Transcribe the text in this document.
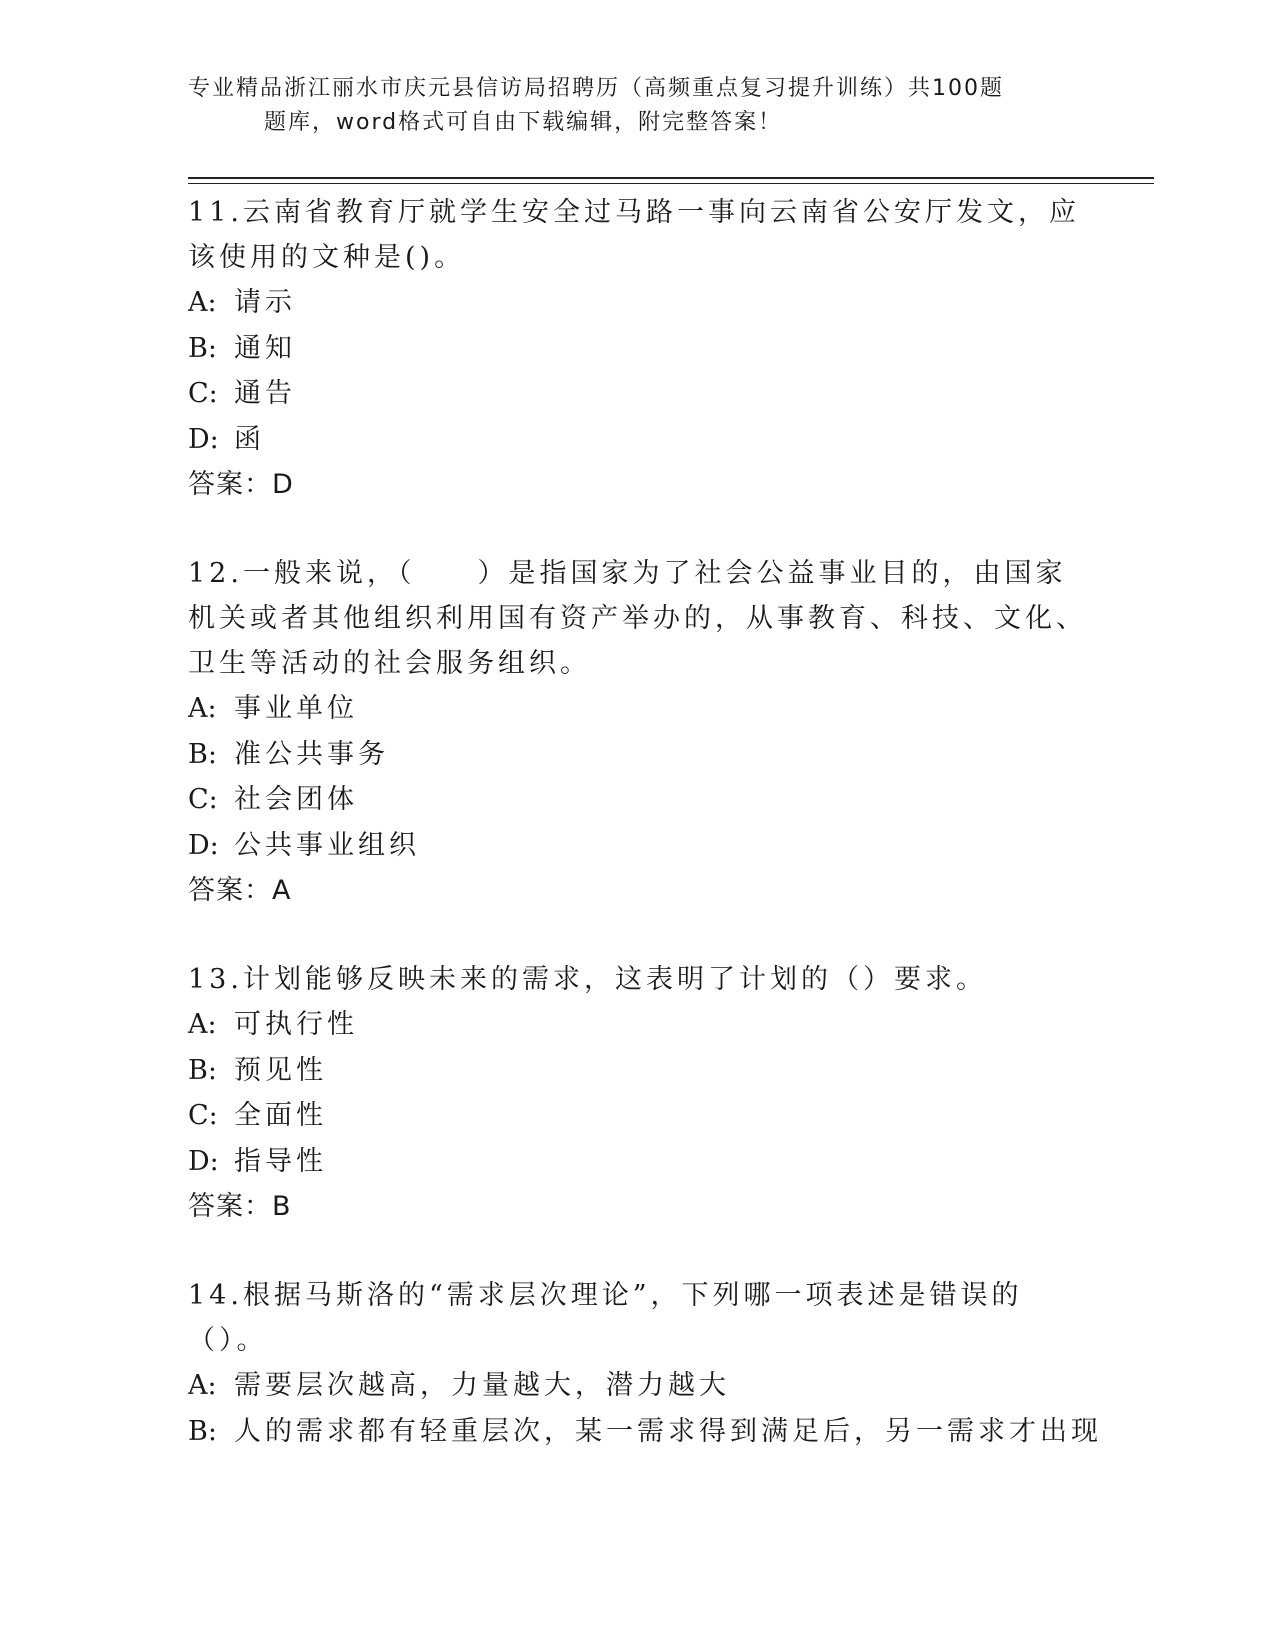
专业精品浙江丽水市庆元县信访局招聘历（高频重点复习提升训练）共100题
题库，word格式可自由下载编辑，附完整答案！

11.云南省教育厅就学生安全过马路一事向云南省公安厅发文，应该使用的文种是()。

A: 请示

B: 通知

C: 通告

D: 函

答案：D

12.一般来说，（　　）是指国家为了社会公益事业目的，由国家机关或者其他组织利用国有资产举办的，从事教育、科技、文化、卫生等活动的社会服务组织。

A: 事业单位

B: 准公共事务

C: 社会团体

D: 公共事业组织

答案：A

13.计划能够反映未来的需求，这表明了计划的（）要求。

A: 可执行性

B: 预见性

C: 全面性

D: 指导性

答案：B

14.根据马斯洛的“需求层次理论”，下列哪一项表述是错误的（）。

A: 需要层次越高，力量越大，潜力越大

B: 人的需求都有轻重层次，某一需求得到满足后，另一需求才出现
